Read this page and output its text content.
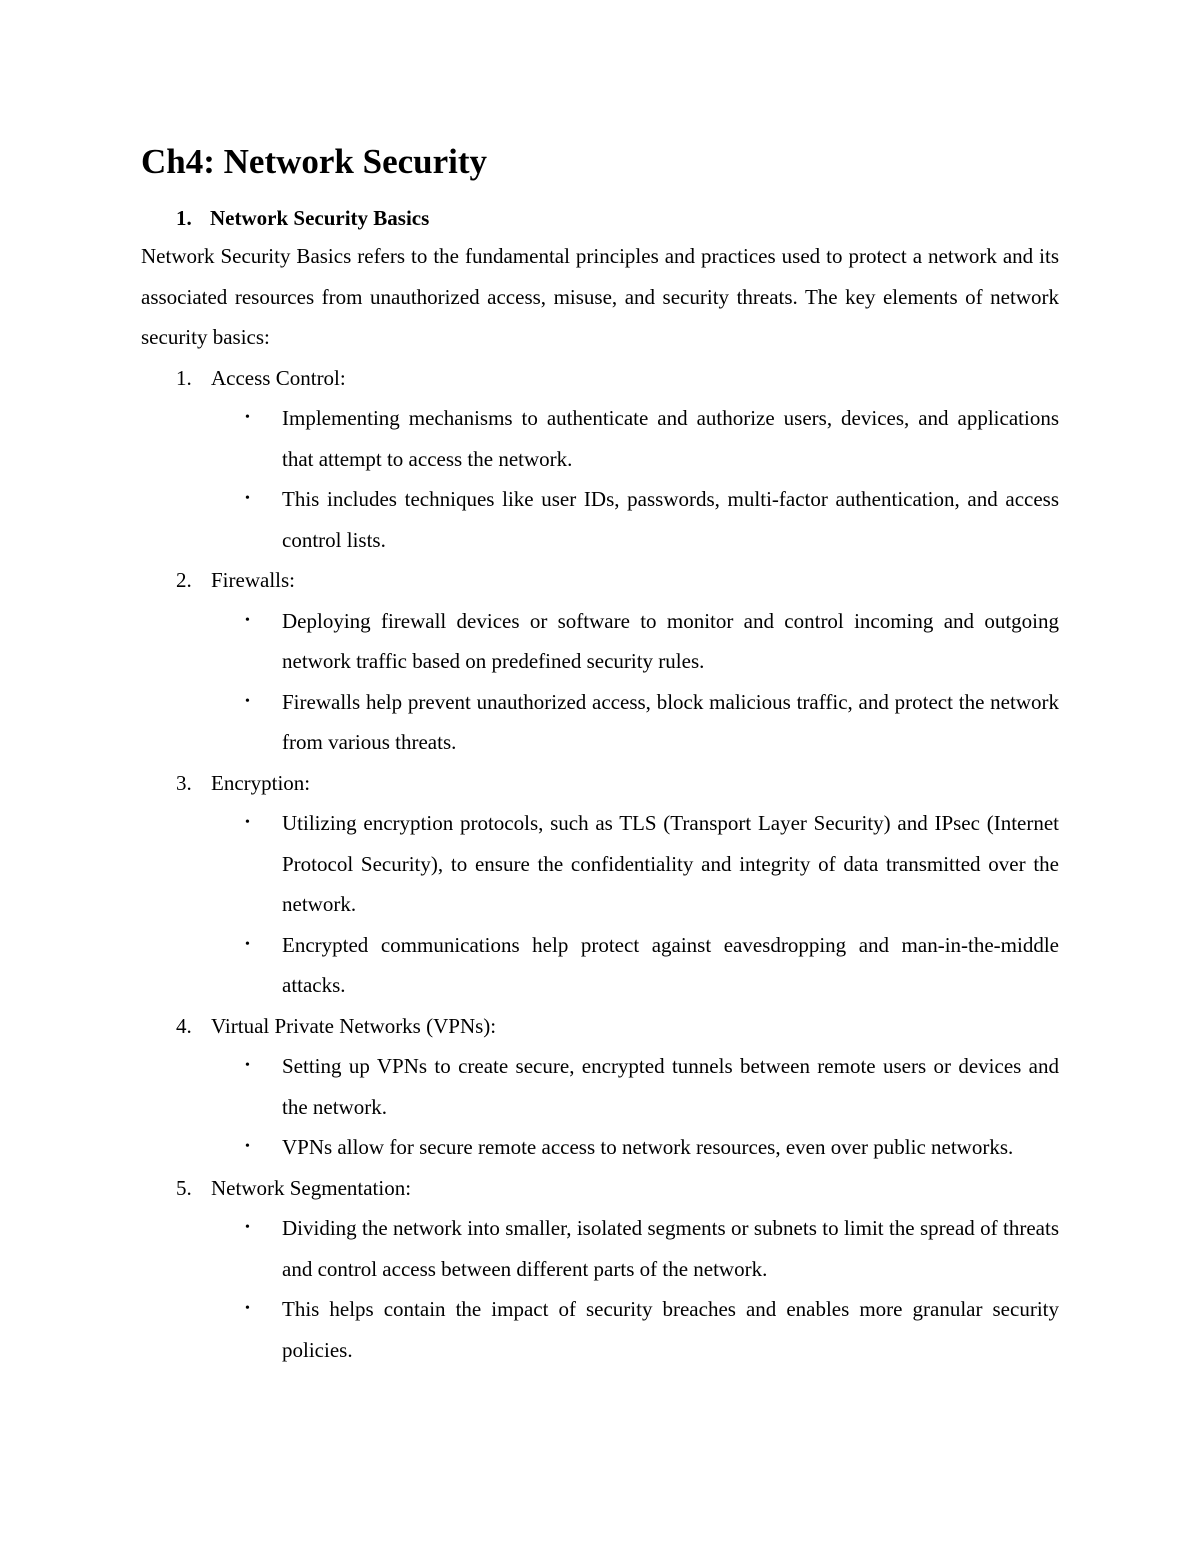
Ch4: Network Security
1. Network Security Basics

Network Security Basics refers to the fundamental principles and practices used to protect a network and its associated resources from unauthorized access, misuse, and security threats. The key elements of network security basics:

1. Access Control:
•	Implementing mechanisms to authenticate and authorize users, devices, and applications that attempt to access the network.
•	This includes techniques like user IDs, passwords, multi-factor authentication, and access control lists.
2. Firewalls:
•	Deploying firewall devices or software to monitor and control incoming and outgoing network traffic based on predefined security rules.
•	Firewalls help prevent unauthorized access, block malicious traffic, and protect the network from various threats.
3. Encryption:
•	Utilizing encryption protocols, such as TLS (Transport Layer Security) and IPsec (Internet Protocol Security), to ensure the confidentiality and integrity of data transmitted over the network.
•	Encrypted communications help protect against eavesdropping and man-in-the-middle attacks.
4. Virtual Private Networks (VPNs):
•	Setting up VPNs to create secure, encrypted tunnels between remote users or devices and the network.
•	VPNs allow for secure remote access to network resources, even over public networks.
5. Network Segmentation:
•	Dividing the network into smaller, isolated segments or subnets to limit the spread of threats and control access between different parts of the network.
•	This helps contain the impact of security breaches and enables more granular security policies.
